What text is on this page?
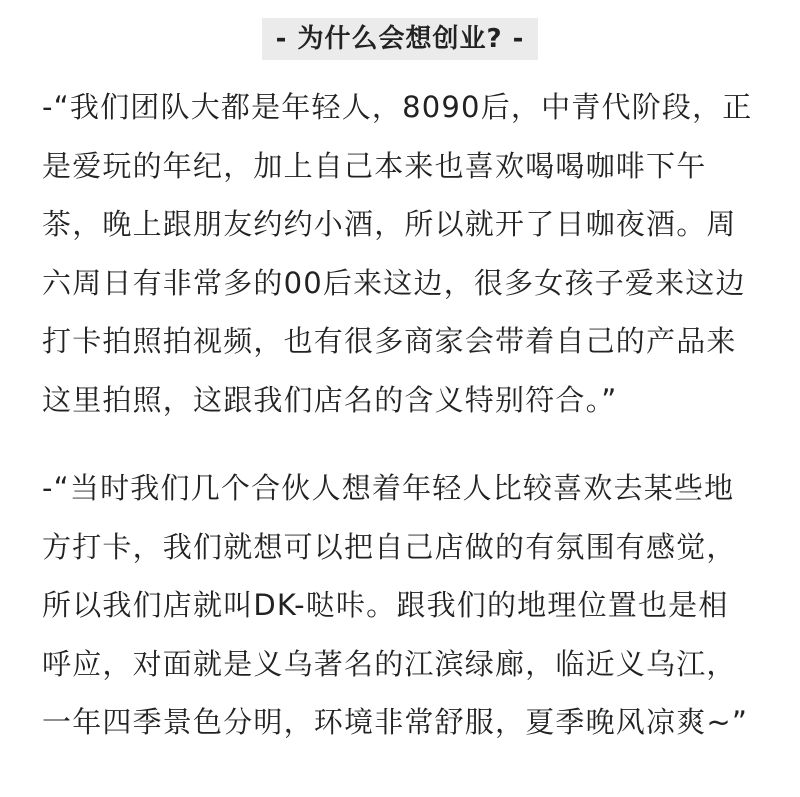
- 为什么会想创业? -
-“我们团队大都是年轻人，8090后，中青代阶段，正
是爱玩的年纪，加上自己本来也喜欢喝喝咖啡下午
茶，晚上跟朋友约约小酒，所以就开了日咖夜酒。周
六周日有非常多的00后来这边，很多女孩子爱来这边
打卡拍照拍视频，也有很多商家会带着自己的产品来
这里拍照，这跟我们店名的含义特别符合。”
-“当时我们几个合伙人想着年轻人比较喜欢去某些地
方打卡，我们就想可以把自己店做的有氛围有感觉，
所以我们店就叫DK-哒咔。跟我们的地理位置也是相
呼应，对面就是义乌著名的江滨绿廊，临近义乌江，
一年四季景色分明，环境非常舒服，夏季晚风凉爽~”
